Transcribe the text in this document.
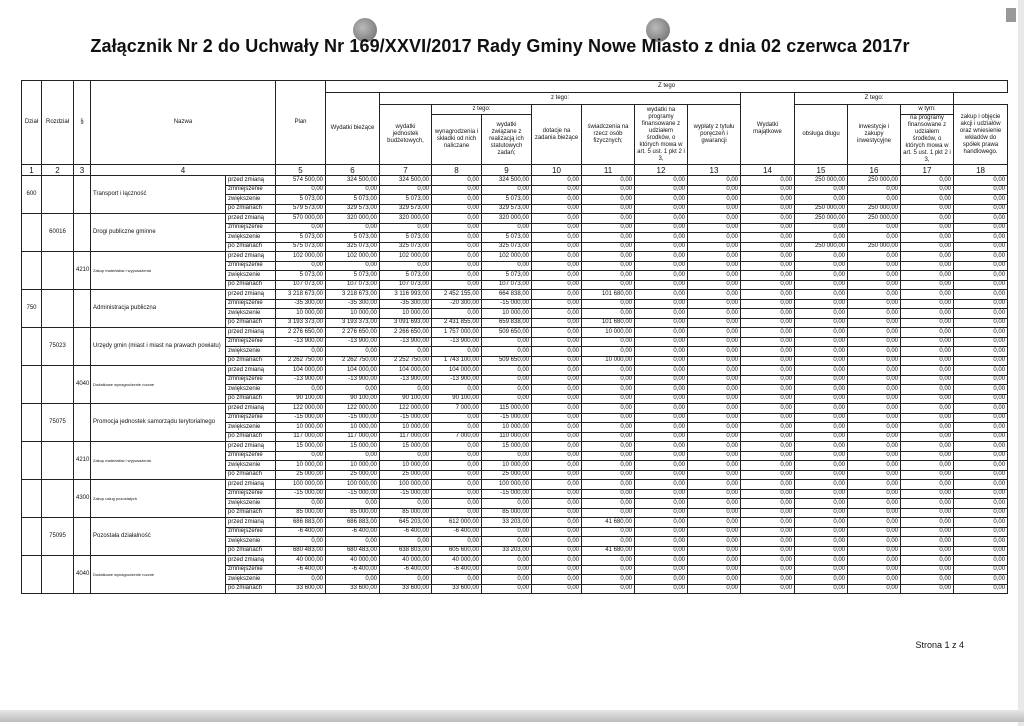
Załącznik Nr 2 do Uchwały Nr 169/XXVI/2017 Rady Gminy Nowe Miasto z dnia 02 czerwca 2017r
Dział	Rozdział	§	Nazwa		Plan	Z tego												
						Wydatki bieżące	z tego:							Wydatki majątkowe	Z tego:			
							wydatki jednostek budżetowych,	z tego:		dotacje na zadania bieżące	świadczenia na rzecz osób fizycznych;	wydatki na programy finansowane z udziałem środków, o których mowa w art. 5 ust. 1 pkt 2 i 3,	wypłaty z tytułu poręczeń i gwarancji		obsługa długu	inwestycje i zakupy inwestycyjne	w tym:	zakup i objęcie akcji i udziałów oraz wniesienie wkładów do spółek prawa handlowego.
								wynagrodzenia i składki od nich naliczane	wydatki związane z realizacją ich statutowych zadań;								na programy finansowane z udziałem środków, o których mowa w art. 5 ust. 1 pkt 2 i 3,	
1	2	3	4		5	6	7	8	9	10	11	12	13	14	15	16	17	18
600			Transport i łączność	przed zmianą	574 500,00	324 500,00	324 500,00	0,00	324 500,00	0,00	0,00	0,00	0,00	0,00	250 000,00	250 000,00	0,00	0,00
				zmniejszenie	0,00	0,00	0,00	0,00	0,00	0,00	0,00	0,00	0,00	0,00	0,00	0,00	0,00	0,00
				zwiększenie	5 073,00	5 073,00	5 073,00	0,00	5 073,00	0,00	0,00	0,00	0,00	0,00	0,00	0,00	0,00	0,00
				po zmianach	579 573,00	329 573,00	329 573,00	0,00	329 573,00	0,00	0,00	0,00	0,00	0,00	250 000,00	250 000,00	0,00	0,00
	60016		Drogi publiczne gminne	przed zmianą	570 000,00	320 000,00	320 000,00	0,00	320 000,00	0,00	0,00	0,00	0,00	0,00	250 000,00	250 000,00	0,00	0,00
				zmniejszenie	0,00	0,00	0,00	0,00	0,00	0,00	0,00	0,00	0,00	0,00	0,00	0,00	0,00	0,00
				zwiększenie	5 073,00	5 073,00	5 073,00	0,00	5 073,00	0,00	0,00	0,00	0,00	0,00	0,00	0,00	0,00	0,00
				po zmianach	575 073,00	325 073,00	325 073,00	0,00	325 073,00	0,00	0,00	0,00	0,00	0,00	250 000,00	250 000,00	0,00	0,00
		4210	Zakup materiałów i wyposażenia	przed zmianą	102 000,00	102 000,00	102 000,00	0,00	102 000,00	0,00	0,00	0,00	0,00	0,00	0,00	0,00	0,00	0,00
				zmniejszenie	0,00	0,00	0,00	0,00	0,00	0,00	0,00	0,00	0,00	0,00	0,00	0,00	0,00	0,00
				zwiększenie	5 073,00	5 073,00	5 073,00	0,00	5 073,00	0,00	0,00	0,00	0,00	0,00	0,00	0,00	0,00	0,00
				po zmianach	107 073,00	107 073,00	107 073,00	0,00	107 073,00	0,00	0,00	0,00	0,00	0,00	0,00	0,00	0,00	0,00
750			Administracja publiczna	przed zmianą	3 218 673,00	3 218 673,00	3 116 993,00	2 452 155,00	664 838,00	0,00	101 680,00	0,00	0,00	0,00	0,00	0,00	0,00	0,00
				zmniejszenie	-35 300,00	-35 300,00	-35 300,00	-20 300,00	-15 000,00	0,00	0,00	0,00	0,00	0,00	0,00	0,00	0,00	0,00
				zwiększenie	10 000,00	10 000,00	10 000,00	0,00	10 000,00	0,00	0,00	0,00	0,00	0,00	0,00	0,00	0,00	0,00
				po zmianach	3 193 373,00	3 193 373,00	3 091 693,00	2 431 855,00	659 838,00	0,00	101 680,00	0,00	0,00	0,00	0,00	0,00	0,00	0,00
	75023		Urzędy gmin (miast i miast na prawach powiatu)	przed zmianą	2 276 650,00	2 276 650,00	2 266 650,00	1 757 000,00	509 650,00	0,00	10 000,00	0,00	0,00	0,00	0,00	0,00	0,00	0,00
				zmniejszenie	-13 900,00	-13 900,00	-13 900,00	-13 900,00	0,00	0,00	0,00	0,00	0,00	0,00	0,00	0,00	0,00	0,00
				zwiększenie	0,00	0,00	0,00	0,00	0,00	0,00	0,00	0,00	0,00	0,00	0,00	0,00	0,00	0,00
				po zmianach	2 262 750,00	2 262 750,00	2 252 750,00	1 743 100,00	509 650,00	0,00	10 000,00	0,00	0,00	0,00	0,00	0,00	0,00	0,00
		4040	Dodatkowe wynagrodzenie roczne	przed zmianą	104 000,00	104 000,00	104 000,00	104 000,00	0,00	0,00	0,00	0,00	0,00	0,00	0,00	0,00	0,00	0,00
				zmniejszenie	-13 900,00	-13 900,00	-13 900,00	-13 900,00	0,00	0,00	0,00	0,00	0,00	0,00	0,00	0,00	0,00	0,00
				zwiększenie	0,00	0,00	0,00	0,00	0,00	0,00	0,00	0,00	0,00	0,00	0,00	0,00	0,00	0,00
				po zmianach	90 100,00	90 100,00	90 100,00	90 100,00	0,00	0,00	0,00	0,00	0,00	0,00	0,00	0,00	0,00	0,00
	75075		Promocja jednostek samorządu terytorialnego	przed zmianą	122 000,00	122 000,00	122 000,00	7 000,00	115 000,00	0,00	0,00	0,00	0,00	0,00	0,00	0,00	0,00	0,00
				zmniejszenie	-15 000,00	-15 000,00	-15 000,00	0,00	-15 000,00	0,00	0,00	0,00	0,00	0,00	0,00	0,00	0,00	0,00
				zwiększenie	10 000,00	10 000,00	10 000,00	0,00	10 000,00	0,00	0,00	0,00	0,00	0,00	0,00	0,00	0,00	0,00
				po zmianach	117 000,00	117 000,00	117 000,00	7 000,00	110 000,00	0,00	0,00	0,00	0,00	0,00	0,00	0,00	0,00	0,00
		4210	Zakup materiałów i wyposażenia	przed zmianą	15 000,00	15 000,00	15 000,00	0,00	15 000,00	0,00	0,00	0,00	0,00	0,00	0,00	0,00	0,00	0,00
				zmniejszenie	0,00	0,00	0,00	0,00	0,00	0,00	0,00	0,00	0,00	0,00	0,00	0,00	0,00	0,00
				zwiększenie	10 000,00	10 000,00	10 000,00	0,00	10 000,00	0,00	0,00	0,00	0,00	0,00	0,00	0,00	0,00	0,00
				po zmianach	25 000,00	25 000,00	25 000,00	0,00	25 000,00	0,00	0,00	0,00	0,00	0,00	0,00	0,00	0,00	0,00
		4300	Zakup usług pozostałych	przed zmianą	100 000,00	100 000,00	100 000,00	0,00	100 000,00	0,00	0,00	0,00	0,00	0,00	0,00	0,00	0,00	0,00
				zmniejszenie	-15 000,00	-15 000,00	-15 000,00	0,00	-15 000,00	0,00	0,00	0,00	0,00	0,00	0,00	0,00	0,00	0,00
				zwiększenie	0,00	0,00	0,00	0,00	0,00	0,00	0,00	0,00	0,00	0,00	0,00	0,00	0,00	0,00
				po zmianach	85 000,00	85 000,00	85 000,00	0,00	85 000,00	0,00	0,00	0,00	0,00	0,00	0,00	0,00	0,00	0,00
	75095		Pozostała działalność	przed zmianą	686 883,00	686 883,00	645 203,00	612 000,00	33 203,00	0,00	41 680,00	0,00	0,00	0,00	0,00	0,00	0,00	0,00
				zmniejszenie	-6 400,00	-6 400,00	-6 400,00	-6 400,00	0,00	0,00	0,00	0,00	0,00	0,00	0,00	0,00	0,00	0,00
				zwiększenie	0,00	0,00	0,00	0,00	0,00	0,00	0,00	0,00	0,00	0,00	0,00	0,00	0,00	0,00
				po zmianach	680 483,00	680 483,00	638 803,00	605 600,00	33 203,00	0,00	41 680,00	0,00	0,00	0,00	0,00	0,00	0,00	0,00
		4040	Dodatkowe wynagrodzenie roczne	przed zmianą	40 000,00	40 000,00	40 000,00	40 000,00	0,00	0,00	0,00	0,00	0,00	0,00	0,00	0,00	0,00	0,00
				zmniejszenie	-6 400,00	-6 400,00	-6 400,00	-6 400,00	0,00	0,00	0,00	0,00	0,00	0,00	0,00	0,00	0,00	0,00
				zwiększenie	0,00	0,00	0,00	0,00	0,00	0,00	0,00	0,00	0,00	0,00	0,00	0,00	0,00	0,00
				po zmianach	33 600,00	33 600,00	33 600,00	33 600,00	0,00	0,00	0,00	0,00	0,00	0,00	0,00	0,00	0,00	0,00
Strona 1 z 4
